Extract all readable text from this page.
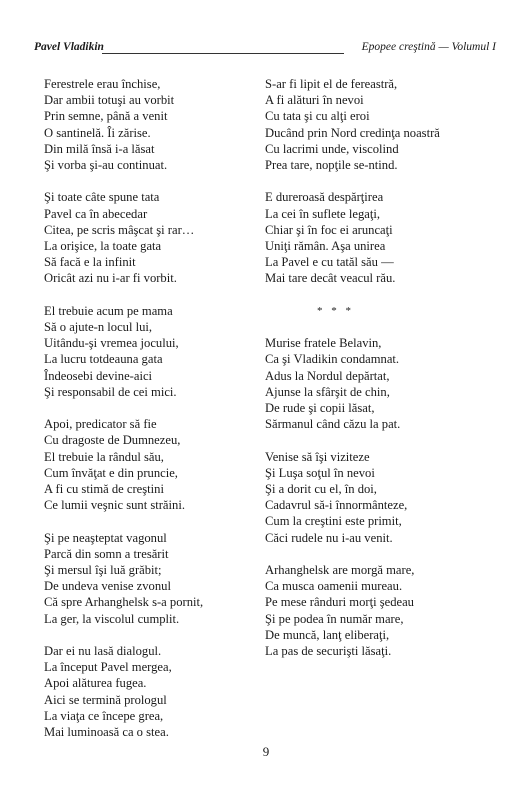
Pavel Vladikin	Epopee creştină — Volumul I
Ferestrele erau închise,
Dar ambii totuşi au vorbit
Prin semne, până a venit
O santinelă. Îi zărise.
Din milă însă i-a lăsat
Şi vorba şi-au continuat.
Şi toate câte spune tata
Pavel ca în abecedar
Citea, pe scris mâşcat şi rar…
La orişice, la toate gata
Să facă e la infinit
Oricât azi nu i-ar fi vorbit.
El trebuie acum pe mama
Să o ajute-n locul lui,
Uitându-şi vremea jocului,
La lucru totdeauna gata
Îndeosebi devine-aici
Şi responsabil de cei mici.
Apoi, predicator să fie
Cu dragoste de Dumnezeu,
El trebuie la rândul său,
Cum învăţat e din pruncie,
A fi cu stimă de creştini
Ce lumii veşnic sunt străini.
Şi pe neaşteptat vagonul
Parcă din somn a tresărit
Şi mersul îşi luă grăbit;
De undeva venise zvonul
Că spre Arhanghelsk s-a pornit,
La ger, la viscolul cumplit.
Dar ei nu lasă dialogul.
La început Pavel mergea,
Apoi alăturea fugea.
Aici se termină prologul
La viaţa ce începe grea,
Mai luminoasă ca o stea.
S-ar fi lipit el de fereastră,
A fi alături în nevoi
Cu tata şi cu alţi eroi
Ducând prin Nord credinţa noastră
Cu lacrimi unde, viscolind
Prea tare, nopţile se-ntind.
E dureroasă despărţirea
La cei în suflete legaţi,
Chiar şi în foc ei aruncaţi
Uniţi rămân. Aşa unirea
La Pavel e cu tatăl său —
Mai tare decât veacul rău.
* * *
Murise fratele Belavin,
Ca şi Vladikin condamnat.
Adus la Nordul depărtat,
Ajunse la sfârşit de chin,
De rude şi copii lăsat,
Sărmanul când căzu la pat.
Venise să îşi viziteze
Şi Luşa soţul în nevoi
Şi a dorit cu el, în doi,
Cadavrul să-i înnormânteze,
Cum la creştini este primit,
Căci rudele nu i-au venit.
Arhanghelsk are morgă mare,
Ca musca oamenii mureau.
Pe mese rânduri morţi şedeau
Şi pe podea în număr mare,
De muncă, lanţ eliberaţi,
La pas de securişti lăsaţi.
9
